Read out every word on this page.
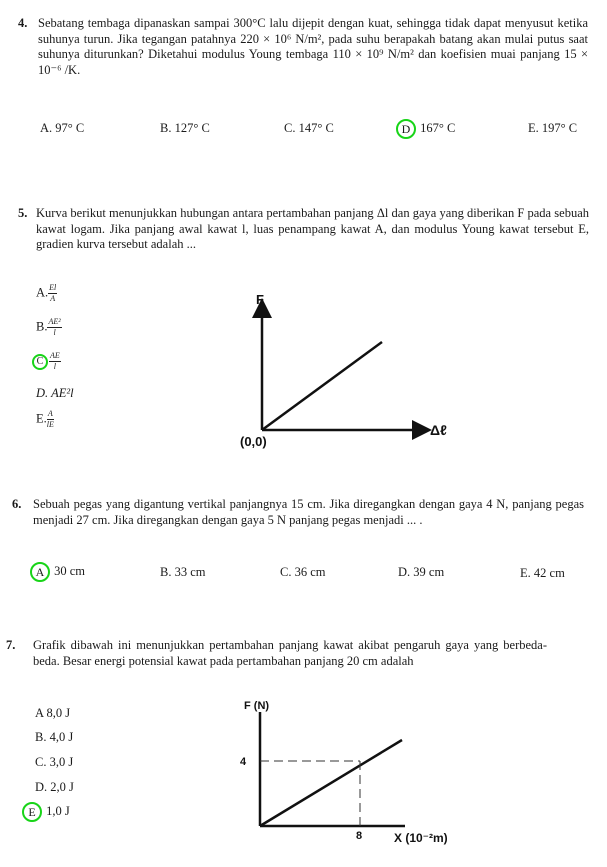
4. Sebatang tembaga dipanaskan sampai 300°C lalu dijepit dengan kuat, sehingga tidak dapat menyusut ketika suhunya turun. Jika tegangan patahnya 220 × 10⁶ N/m², pada suhu berapakah batang akan mulai putus saat suhunya diturunkan? Diketahui modulus Young tembaga 110 × 10⁹ N/m² dan koefisien muai panjang 15 × 10⁻⁶ /K.
A. 97° C	B. 127° C	C. 147° C	D 167° C	E. 197° C
5. Kurva berikut menunjukkan hubungan antara pertambahan panjang Δl dan gaya yang diberikan F pada sebuah kawat logam. Jika panjang awal kawat l, luas penampang kawat A, dan modulus Young kawat tersebut E, gradien kurva tersebut adalah ...
A. $\frac{El}{A}$
B. $\frac{\text{AE²}}{l}$
C $\frac{AE}{l}$
D. AE²l
E. $\frac{A}{lE}$
F
Δℓ
(0,0)
6. Sebuah pegas yang digantung vertikal panjangnya 15 cm. Jika diregangkan dengan gaya 4 N, panjang pegas menjadi 27 cm. Jika diregangkan dengan gaya 5 N panjang pegas menjadi ... .
A 30 cm	B. 33 cm	C. 36 cm	D. 39 cm	E. 42 cm
7. Grafik dibawah ini menunjukkan pertambahan panjang kawat akibat pengaruh gaya yang berbeda-beda. Besar energi potensial kawat pada pertambahan panjang 20 cm adalah
A 8,0 J
B. 4,0 J
C. 3,0 J
D. 2,0 J
E 1,0 J
F (N)
4
8	X (10⁻²m)
